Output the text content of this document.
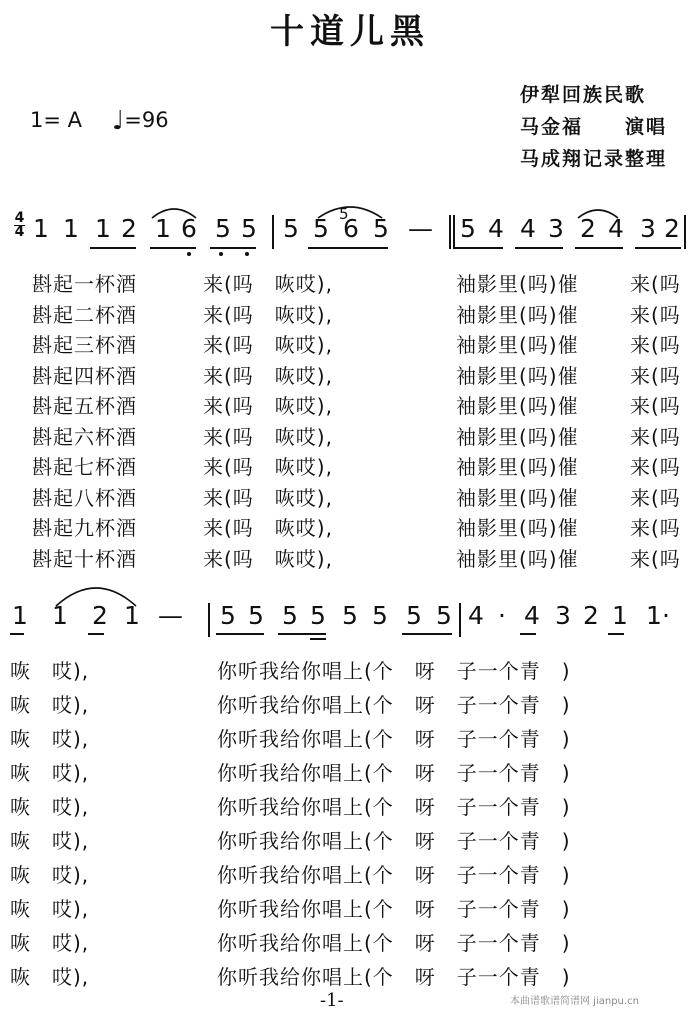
十道儿黑
伊犁回族民歌
马金福　　演唱
马成翔记录整理
1= A ♩=96
4
4 1 1 1 2 1 6 5 5 5 5 6 5 — 5 4 4 3 2 4 3 2
5
斟起一杯酒	来(吗　咴哎),	袖影里(吗)催	来(吗
斟起二杯酒	来(吗　咴哎),	袖影里(吗)催	来(吗
斟起三杯酒	来(吗　咴哎),	袖影里(吗)催	来(吗
斟起四杯酒	来(吗　咴哎),	袖影里(吗)催	来(吗
斟起五杯酒	来(吗　咴哎),	袖影里(吗)催	来(吗
斟起六杯酒	来(吗　咴哎),	袖影里(吗)催	来(吗
斟起七杯酒	来(吗　咴哎),	袖影里(吗)催	来(吗
斟起八杯酒	来(吗　咴哎),	袖影里(吗)催	来(吗
斟起九杯酒	来(吗　咴哎),	袖影里(吗)催	来(吗
斟起十杯酒	来(吗　咴哎),	袖影里(吗)催	来(吗
1 1 2 1 — 5 5 5 5 5 5 5 5 4 · 4 3 2 1 1 ·
咴　哎),	你听我给你唱上(个　呀　子一个青　)
咴　哎),	你听我给你唱上(个　呀　子一个青　)
咴　哎),	你听我给你唱上(个　呀　子一个青　)
咴　哎),	你听我给你唱上(个　呀　子一个青　)
咴　哎),	你听我给你唱上(个　呀　子一个青　)
咴　哎),	你听我给你唱上(个　呀　子一个青　)
咴　哎),	你听我给你唱上(个　呀　子一个青　)
咴　哎),	你听我给你唱上(个　呀　子一个青　)
咴　哎),	你听我给你唱上(个　呀　子一个青　)
咴　哎),	你听我给你唱上(个　呀　子一个青　)
-1-	本曲谱歌谱简谱网 jianpu.cn
